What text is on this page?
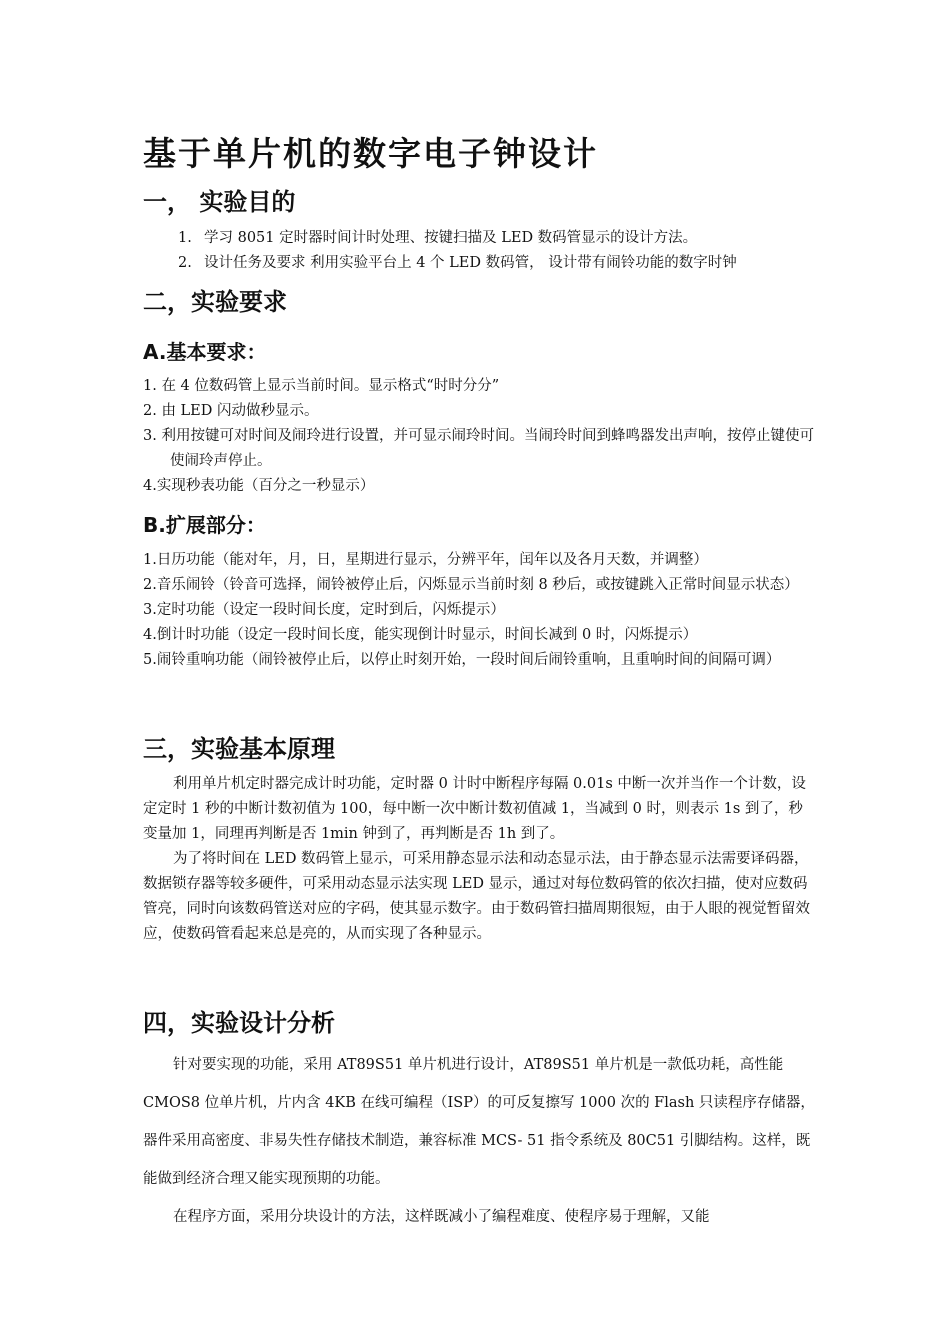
基于单片机的数字电子钟设计
一， 实验目的
1. 学习 8051 定时器时间计时处理、按键扫描及 LED 数码管显示的设计方法。
2. 设计任务及要求 利用实验平台上 4 个 LED 数码管， 设计带有闹铃功能的数字时钟
二，实验要求
A.基本要求：
1. 在 4 位数码管上显示当前时间。显示格式“时时分分”
2. 由 LED 闪动做秒显示。
3. 利用按键可对时间及闹玲进行设置，并可显示闹玲时间。当闹玲时间到蜂鸣器发出声响，按停止键使可使闹玲声停止。
4.实现秒表功能（百分之一秒显示）
B.扩展部分：
1.日历功能（能对年，月，日，星期进行显示，分辨平年，闰年以及各月天数，并调整）
2.音乐闹铃（铃音可选择，闹铃被停止后，闪烁显示当前时刻 8 秒后，或按键跳入正常时间显示状态）
3.定时功能（设定一段时间长度，定时到后，闪烁提示）
4.倒计时功能（设定一段时间长度，能实现倒计时显示，时间长减到 0 时，闪烁提示）
5.闹铃重响功能（闹铃被停止后，以停止时刻开始，一段时间后闹铃重响，且重响时间的间隔可调）
三，实验基本原理

利用单片机定时器完成计时功能，定时器 0 计时中断程序每隔 0.01s 中断一次并当作一个计数，设定定时 1 秒的中断计数初值为 100，每中断一次中断计数初值减 1，当减到 0 时，则表示 1s 到了，秒变量加 1，同理再判断是否 1min 钟到了，再判断是否 1h 到了。

为了将时间在 LED 数码管上显示，可采用静态显示法和动态显示法，由于静态显示法需要译码器，数据锁存器等较多硬件，可采用动态显示法实现 LED 显示，通过对每位数码管的依次扫描，使对应数码管亮，同时向该数码管送对应的字码，使其显示数字。由于数码管扫描周期很短，由于人眼的视觉暂留效应，使数码管看起来总是亮的，从而实现了各种显示。

四，实验设计分析

针对要实现的功能，采用 AT89S51 单片机进行设计，AT89S51 单片机是一款低功耗，高性能 CMOS8 位单片机，片内含 4KB 在线可编程（ISP）的可反复擦写 1000 次的 Flash 只读程序存储器，器件采用高密度、非易失性存储技术制造，兼容标准 MCS- 51 指令系统及 80C51 引脚结构。这样，既能做到经济合理又能实现预期的功能。

在程序方面，采用分块设计的方法，这样既减小了编程难度、使程序易于理解，又能
